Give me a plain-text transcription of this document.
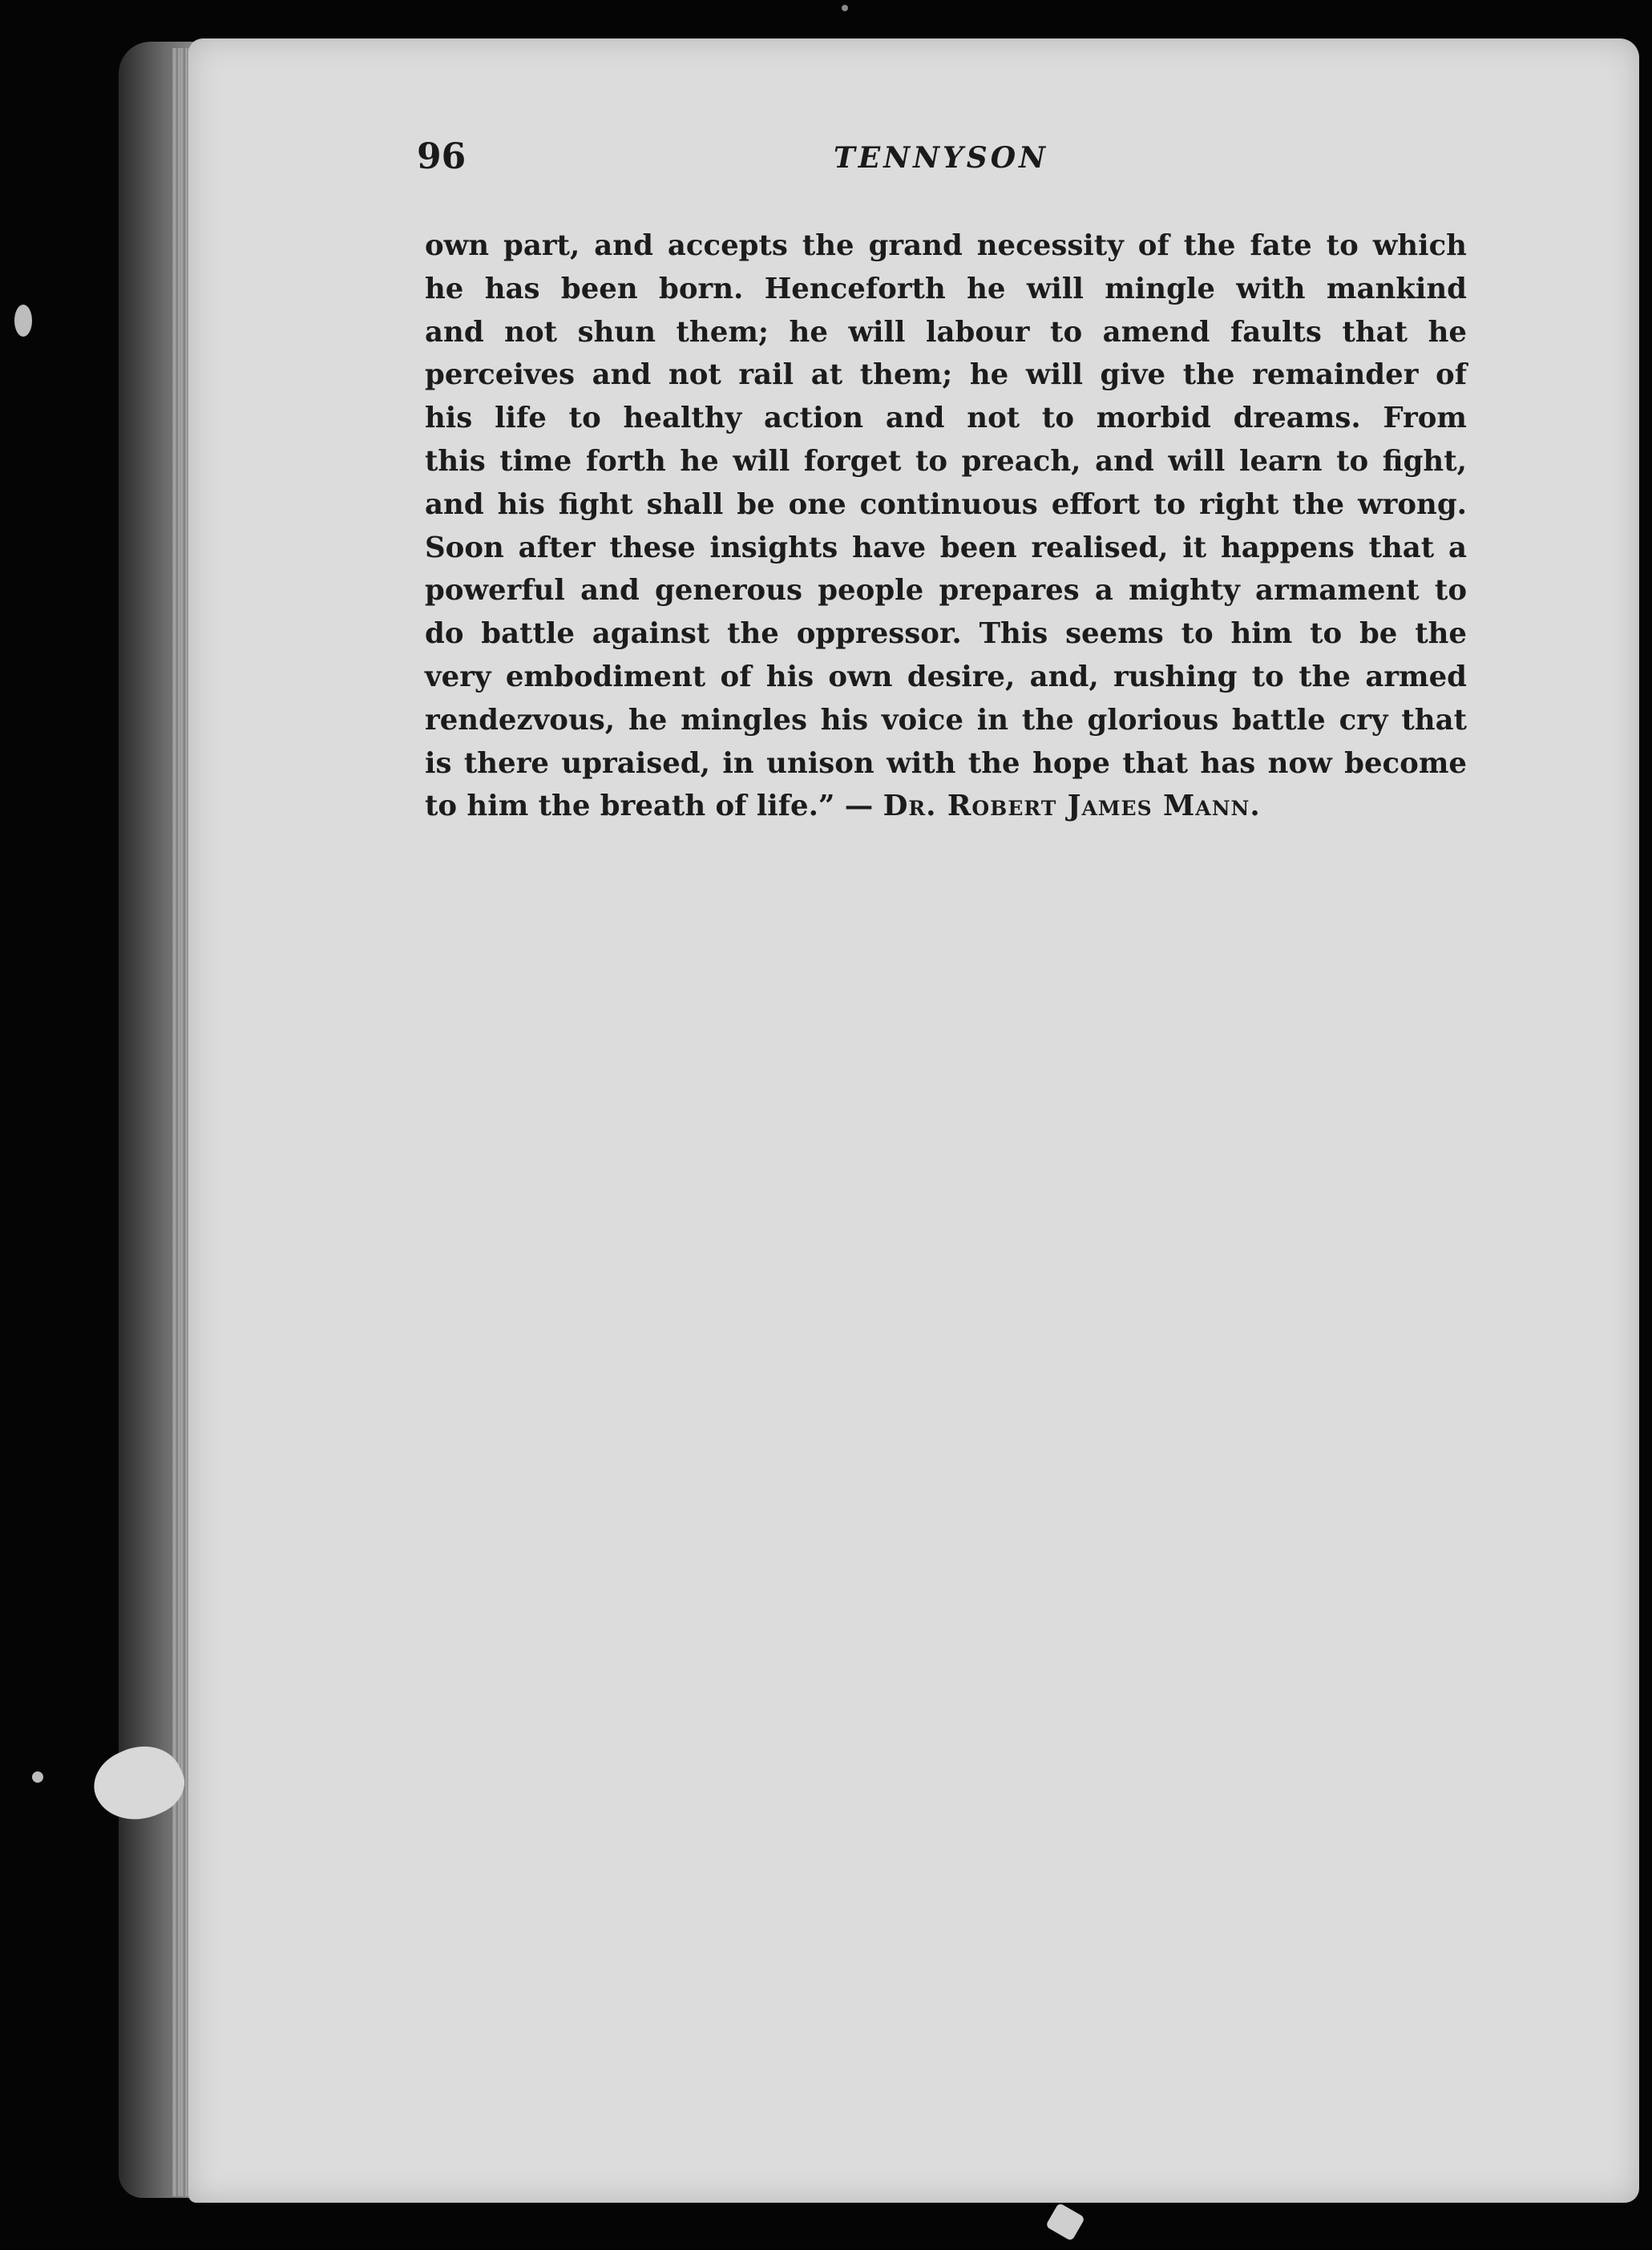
96	TENNYSON
own part, and accepts the grand necessity of the fate to which
he has been born. Henceforth he will mingle with mankind
and not shun them; he will labour to amend faults that he
perceives and not rail at them; he will give the remainder of
his life to healthy action and not to morbid dreams. From
this time forth he will forget to preach, and will learn to fight,
and his fight shall be one continuous effort to right the wrong.
Soon after these insights have been realised, it happens that a
powerful and generous people prepares a mighty armament to
do battle against the oppressor. This seems to him to be the
very embodiment of his own desire, and, rushing to the armed
rendezvous, he mingles his voice in the glorious battle cry that
is there upraised, in unison with the hope that has now become
to him the breath of life.” — Dr. Robert James Mann.
